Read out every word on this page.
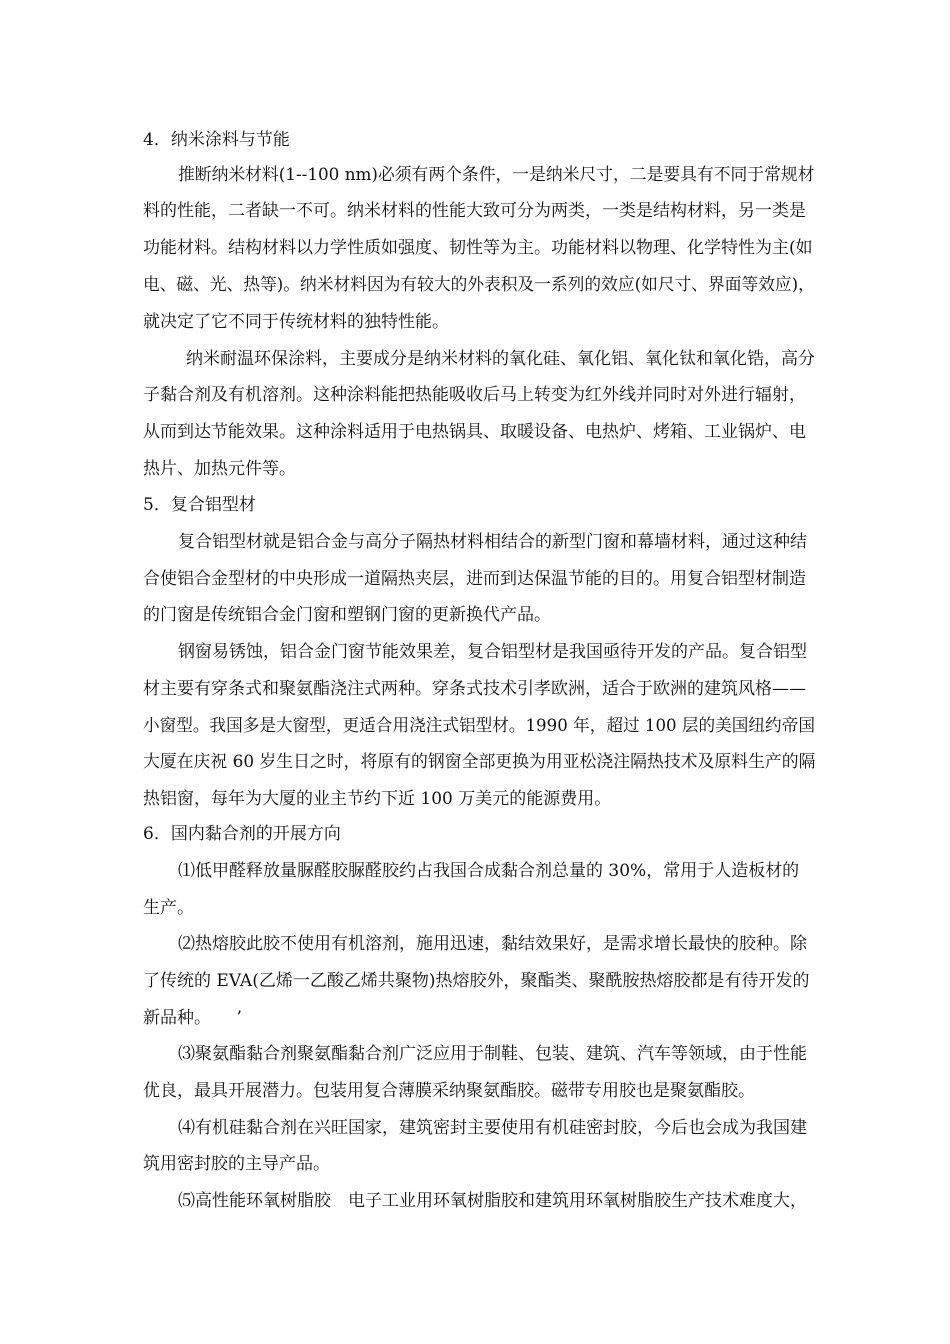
4．纳米涂料与节能
推断纳米材料(1--100 nm)必须有两个条件，一是纳米尺寸，二是要具有不同于常规材
料的性能，二者缺一不可。纳米材料的性能大致可分为两类，一类是结构材料，另一类是
功能材料。结构材料以力学性质如强度、韧性等为主。功能材料以物理、化学特性为主(如
电、磁、光、热等)。纳米材料因为有较大的外表积及一系列的效应(如尺寸、界面等效应)，
就决定了它不同于传统材料的独特性能。
纳米耐温环保涂料，主要成分是纳米材料的氧化硅、氧化铝、氧化钛和氧化锆，高分
子黏合剂及有机溶剂。这种涂料能把热能吸收后马上转变为红外线并同时对外进行辐射，
从而到达节能效果。这种涂料适用于电热锅具、取暖设备、电热炉、烤箱、工业锅炉、电
热片、加热元件等。
5．复合铝型材
复合铝型材就是铝合金与高分子隔热材料相结合的新型门窗和幕墙材料，通过这种结
合使铝合金型材的中央形成一道隔热夹层，进而到达保温节能的目的。用复合铝型材制造
的门窗是传统铝合金门窗和塑钢门窗的更新换代产品。
钢窗易锈蚀，铝合金门窗节能效果差，复合铝型材是我国亟待开发的产品。复合铝型
材主要有穿条式和聚氨酯浇注式两种。穿条式技术引孝欧洲，适合于欧洲的建筑风格——
小窗型。我国多是大窗型，更适合用浇注式铝型材。1990 年，超过 100 层的美国纽约帝国
大厦在庆祝 60 岁生日之时，将原有的钢窗全部更换为用亚松浇注隔热技术及原料生产的隔
热铝窗，每年为大厦的业主节约下近 100 万美元的能源费用。
6．国内黏合剂的开展方向
⑴低甲醛释放量脲醛胶脲醛胶约占我国合成黏合剂总量的 30%，常用于人造板材的
生产。
⑵热熔胶此胶不使用有机溶剂，施用迅速，黏结效果好，是需求增长最快的胶种。除
了传统的 EVA(乙烯一乙酸乙烯共聚物)热熔胶外，聚酯类、聚酰胺热熔胶都是有待开发的
新品种。　　’
⑶聚氨酯黏合剂聚氨酯黏合剂广泛应用于制鞋、包装、建筑、汽车等领域，由于性能
优良，最具开展潜力。包装用复合薄膜采纳聚氨酯胶。磁带专用胶也是聚氨酯胶。
⑷有机硅黏合剂在兴旺国家，建筑密封主要使用有机硅密封胶，今后也会成为我国建
筑用密封胶的主导产品。
⑸高性能环氧树脂胶　电子工业用环氧树脂胶和建筑用环氧树脂胶生产技术难度大，
